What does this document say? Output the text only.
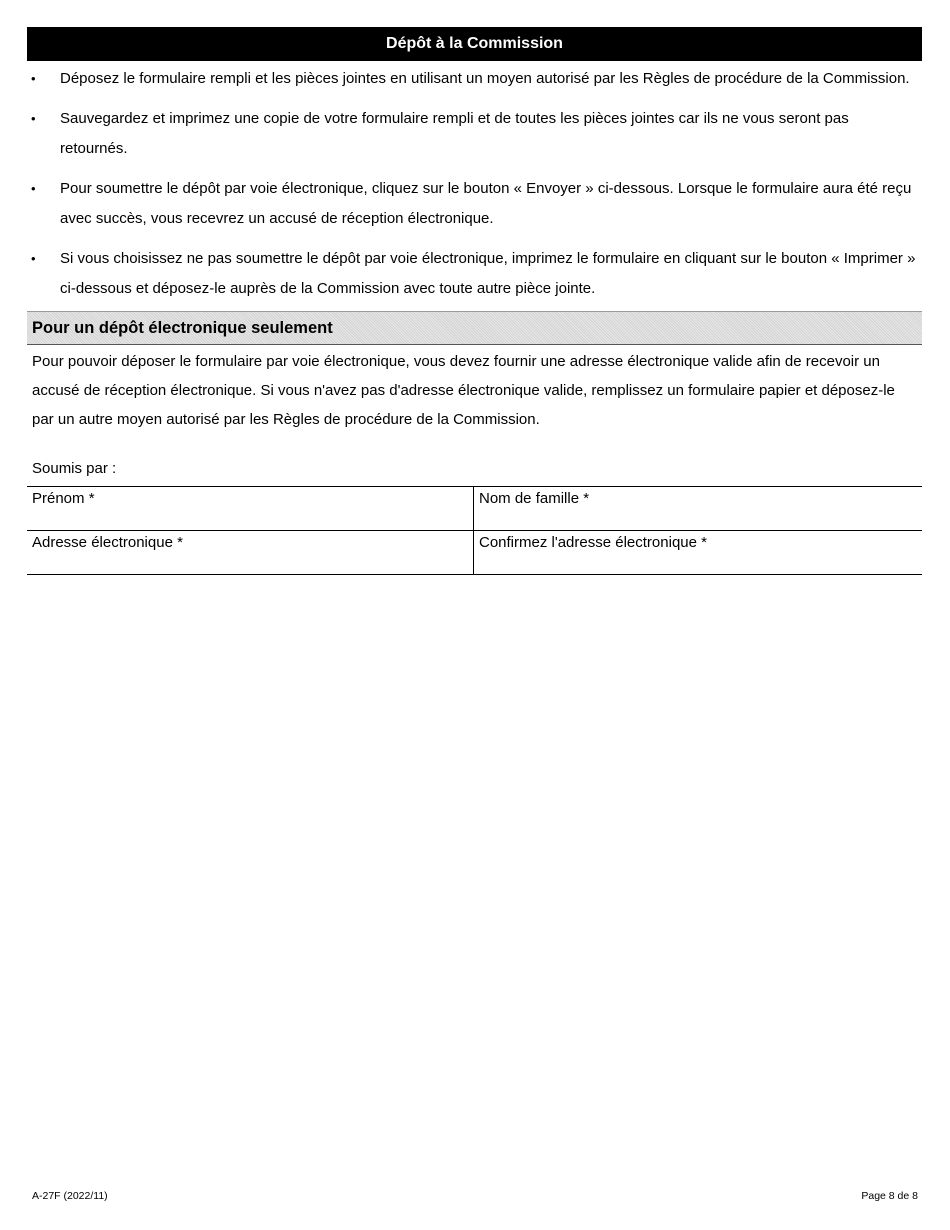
Dépôt à la Commission
• Déposez le formulaire rempli et les pièces jointes en utilisant un moyen autorisé par les Règles de procédure de la Commission.
• Sauvegardez et imprimez une copie de votre formulaire rempli et de toutes les pièces jointes car ils ne vous seront pas retournés.
• Pour soumettre le dépôt par voie électronique, cliquez sur le bouton « Envoyer » ci-dessous. Lorsque le formulaire aura été reçu avec succès, vous recevrez un accusé de réception électronique.
• Si vous choisissez ne pas soumettre le dépôt par voie électronique, imprimez le formulaire en cliquant sur le bouton « Imprimer » ci-dessous et déposez-le auprès de la Commission avec toute autre pièce jointe.
Pour un dépôt électronique seulement
Pour pouvoir déposer le formulaire par voie électronique, vous devez fournir une adresse électronique valide afin de recevoir un accusé de réception électronique. Si vous n'avez pas d'adresse électronique valide, remplissez un formulaire papier et déposez-le par un autre moyen autorisé par les Règles de procédure de la Commission.
Soumis par :
Prénom *	Nom de famille *
Adresse électronique *	Confirmez l'adresse électronique *
A-27F (2022/11)	Page 8 de 8
